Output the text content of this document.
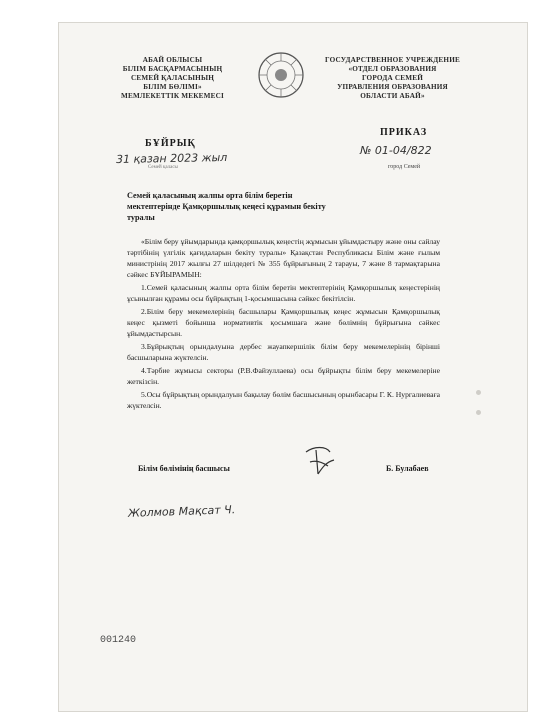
АБАЙ ОБЛЫСЫ
БІЛІМ БАСҚАРМАСЫНЫҢ
СЕМЕЙ ҚАЛАСЫНЫҢ
БІЛІМ БӨЛІМІ»
МЕМЛЕКЕТТІК МЕКЕМЕСІ
ГОСУДАРСТВЕННОЕ УЧРЕЖДЕНИЕ
«ОТДЕЛ ОБРАЗОВАНИЯ
ГОРОДА СЕМЕЙ
УПРАВЛЕНИЯ ОБРАЗОВАНИЯ
ОБЛАСТИ АБАЙ»
БҰЙРЫҚ
ПРИКАЗ
31 қазан 2023 жыл
№ 01-04/822
Семей қаласы	город Семей
Семей қаласының жалпы орта білім беретін мектептерінде Қамқоршылық кеңесі құрамын бекіту туралы

«Білім беру ұйымдарында қамқоршылық кеңестің жұмысын ұйымдастыру және оны сайлау тәртібінің үлгілік қағидаларын бекіту туралы» Қазақстан Республикасы Білім және ғылым министрінің 2017 жылғы 27 шілдедегі № 355 бұйрығының 2 тарауы, 7 және 8 тармақтарына сәйкес БҰЙЫРАМЫН:

1.Семей қаласының жалпы орта білім беретін мектептерінің Қамқоршылық кеңестерінің ұсынылған құрамы осы бұйрықтың 1-қосымшасына сәйкес бекітілсін.

2.Білім беру мекемелерінің басшылары Қамқоршылық кеңес жұмысын Қамқоршылық кеңес қызметі бойынша нормативтік қосымшаға және бөлімнің бұйрығына сәйкес ұйымдастырсын.

3.Бұйрықтың орындалуына дербес жауапкершілік білім беру мекемелерінің бірінші басшыларына жүктелсін.

4.Тәрбие жұмысы секторы (Р.В.Файзуллаева) осы бұйрықты білім беру мекемелеріне жеткізсін.

5.Осы бұйрықтың орындалуын бақылау бөлім басшысының орынбасары Г. К. Нургалиеваға жүктелсін.

Білім бөлімінің басшысы	Б. Булабаев
Жолмов Мақсат Ч.
001240
